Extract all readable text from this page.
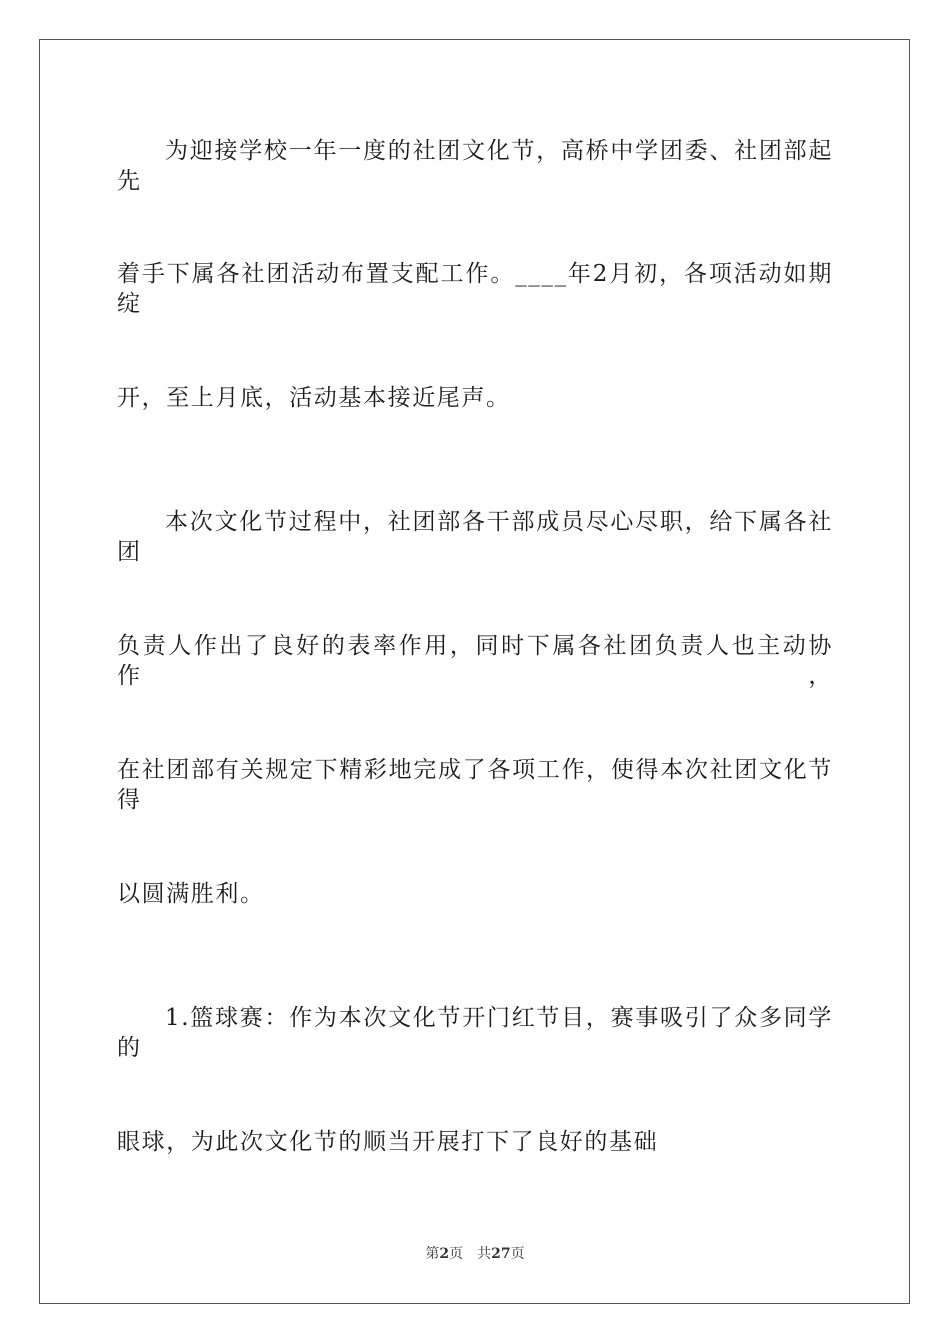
为迎接学校一年一度的社团文化节，高桥中学团委、社团部起先
着手下属各社团活动布置支配工作。____年2月初，各项活动如期绽
开，至上月底，活动基本接近尾声。
本次文化节过程中，社团部各干部成员尽心尽职，给下属各社团
负责人作出了良好的表率作用，同时下属各社团负责人也主动协作，
在社团部有关规定下精彩地完成了各项工作，使得本次社团文化节得
以圆满胜利。
1.篮球赛：作为本次文化节开门红节目，赛事吸引了众多同学的
眼球，为此次文化节的顺当开展打下了良好的基础
第2页 共27页
